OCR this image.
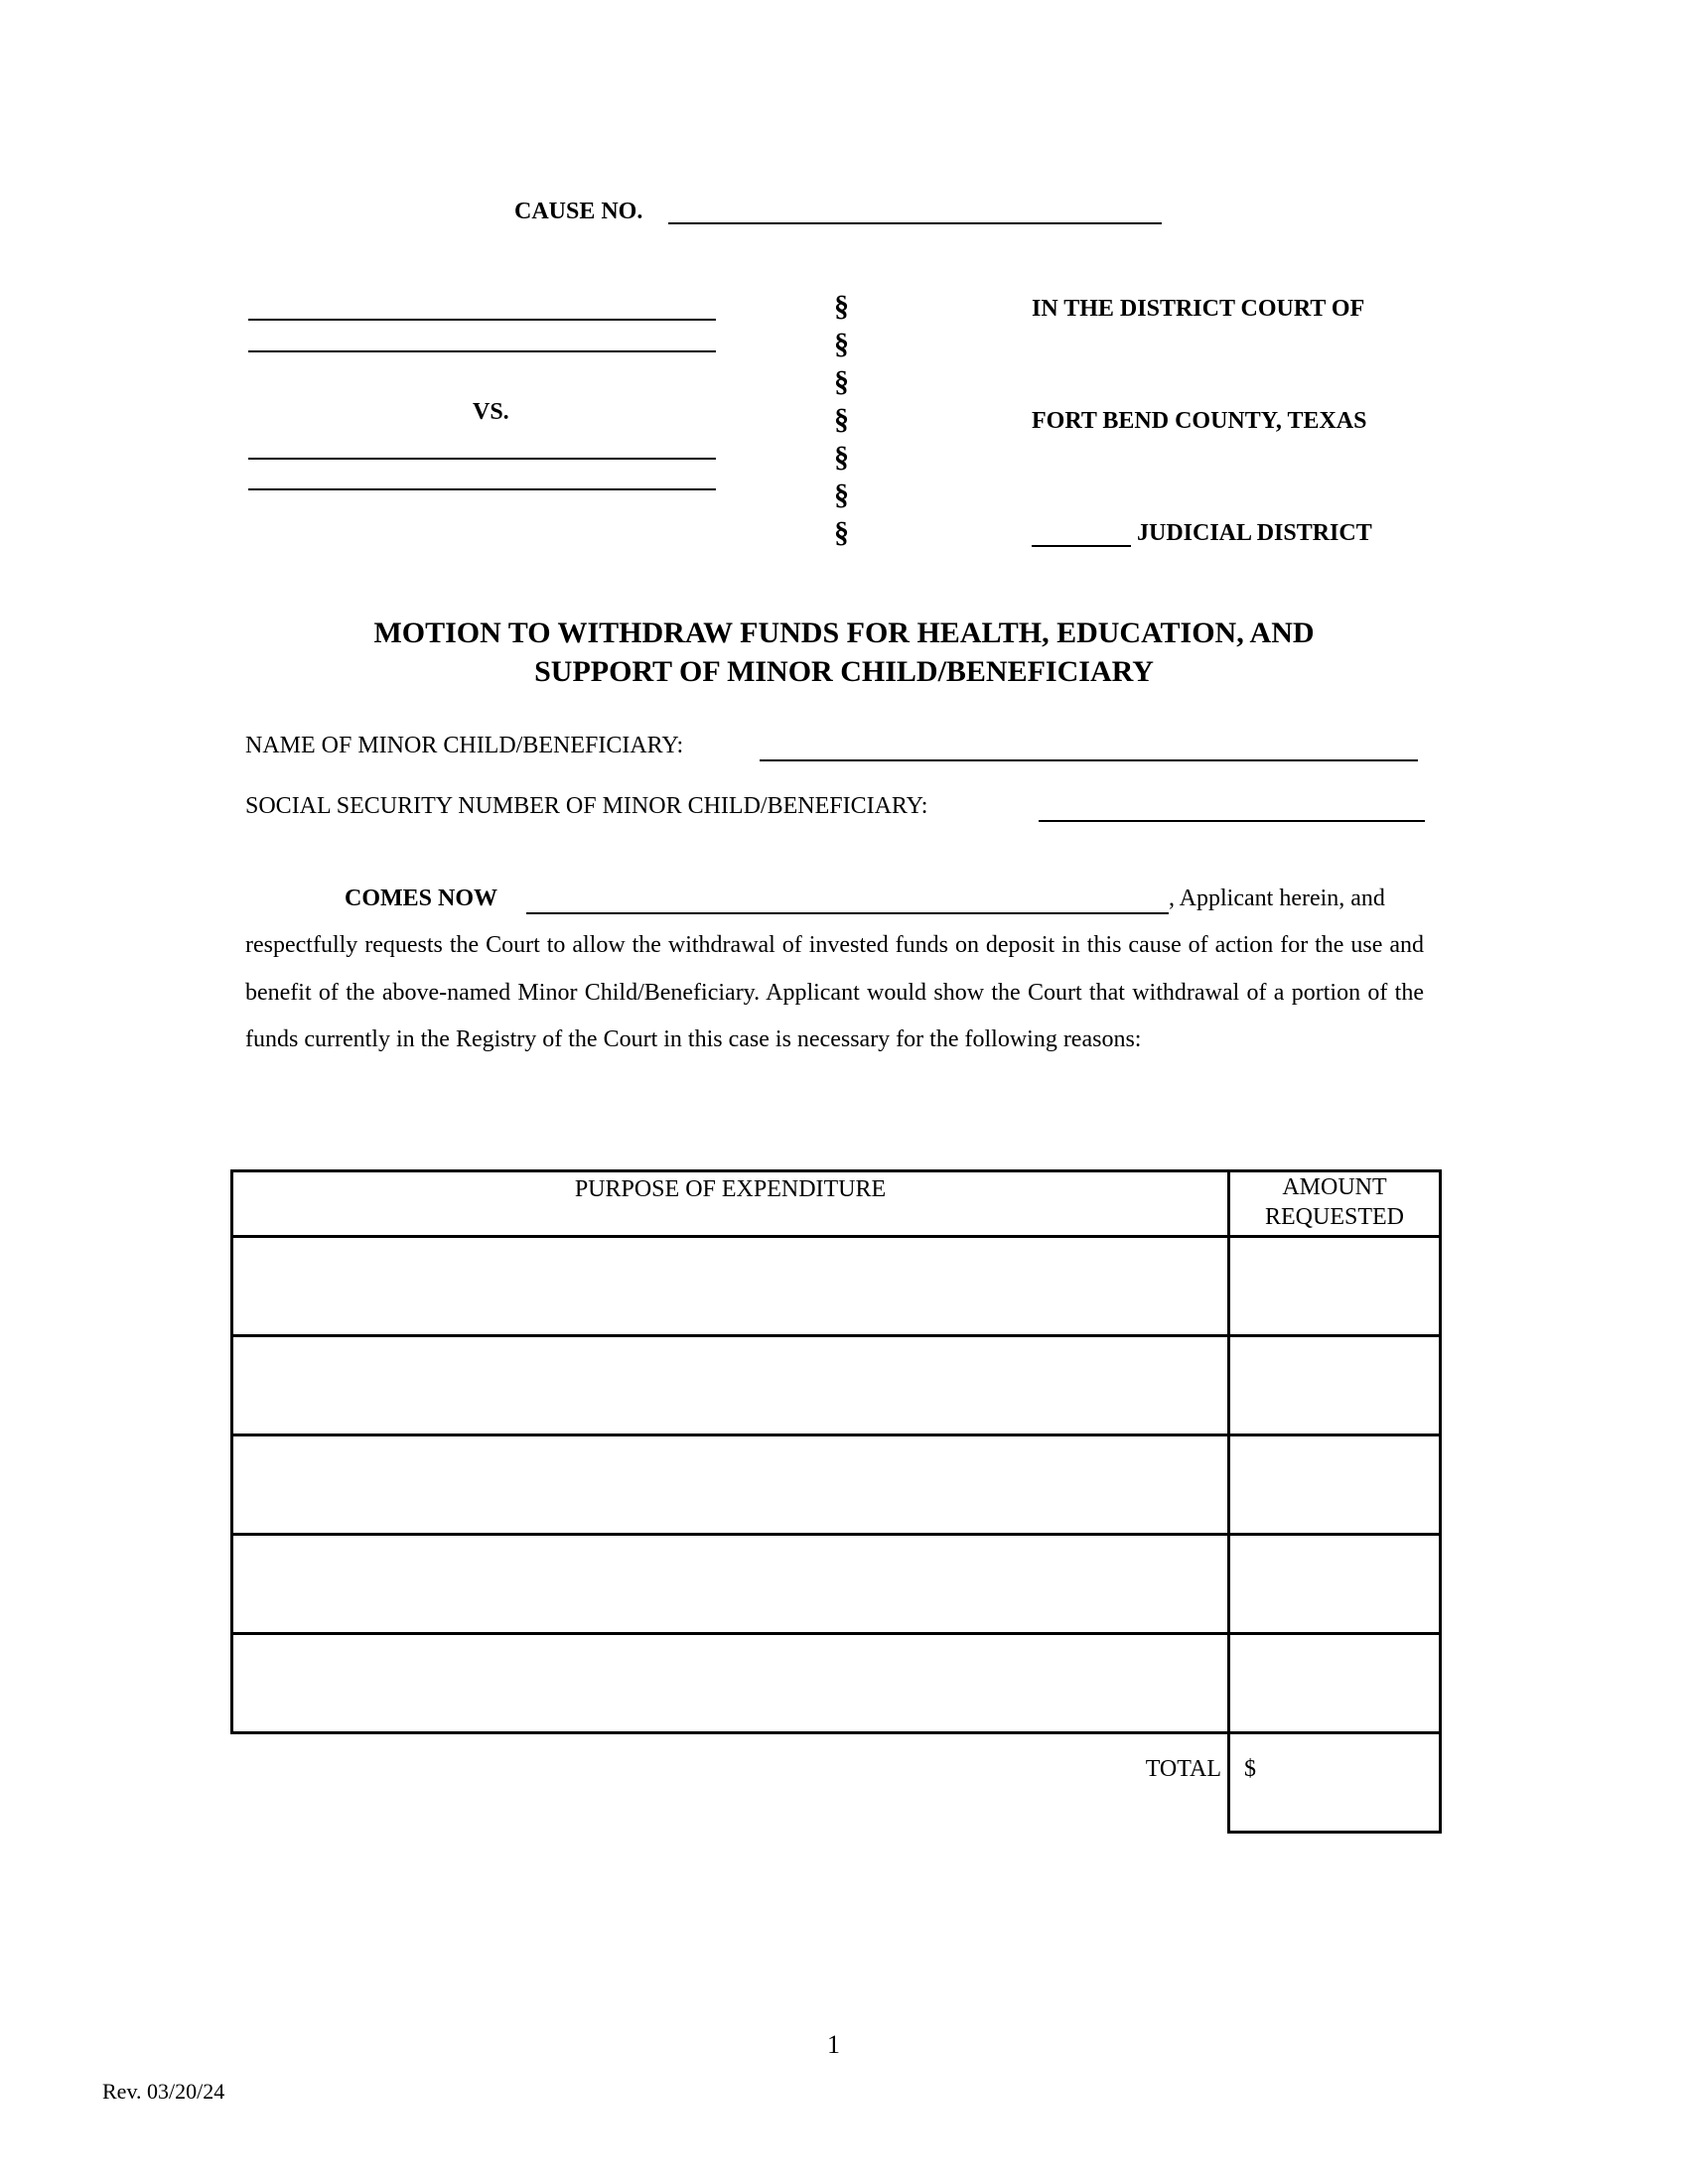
CAUSE NO.
VS.
§
§
§
§
§
§
§
IN THE DISTRICT COURT OF
FORT BEND COUNTY, TEXAS
JUDICIAL DISTRICT
MOTION TO WITHDRAW FUNDS FOR HEALTH, EDUCATION, AND
SUPPORT OF MINOR CHILD/BENEFICIARY
NAME OF MINOR CHILD/BENEFICIARY:
SOCIAL SECURITY NUMBER OF MINOR CHILD/BENEFICIARY:
COMES NOW	, Applicant herein, and
respectfully requests the Court to allow the withdrawal of invested funds on deposit in this cause of action for the use and benefit of the above-named Minor Child/Beneficiary. Applicant would show the Court that withdrawal of a portion of the funds currently in the Registry of the Court in this case is necessary for the following reasons:
PURPOSE OF EXPENDITURE	AMOUNT
REQUESTED

TOTAL	$
1
Rev. 03/20/24
